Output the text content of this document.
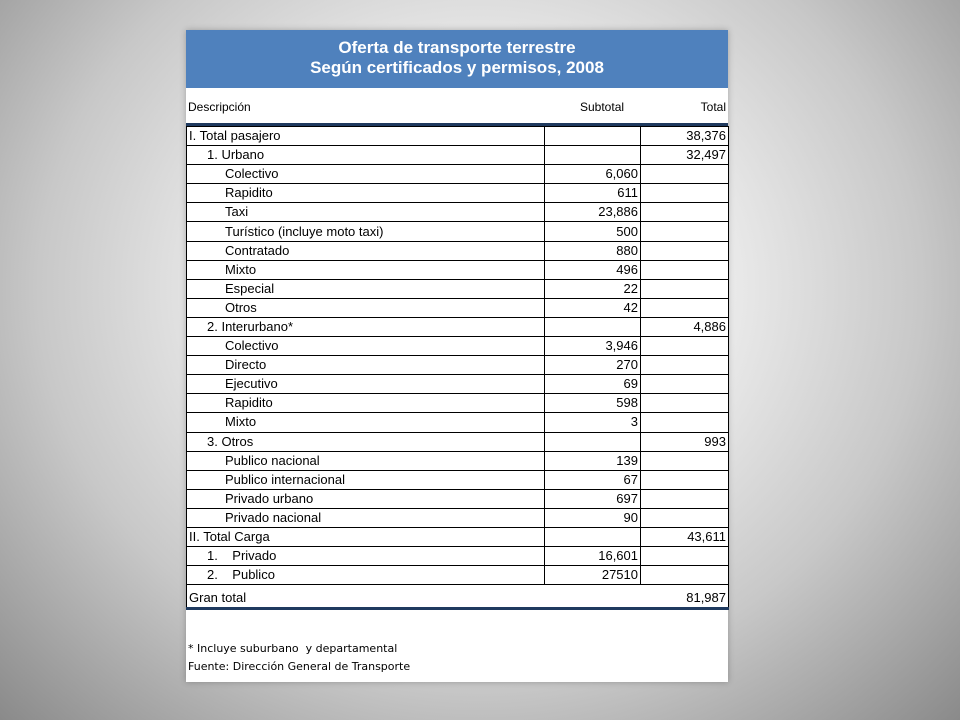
Oferta de transporte terrestre
Según certificados y permisos, 2008
Descripción	Subtotal	Total
I. Total pasajero		38,376
1. Urbano		32,497
Colectivo	6,060	
Rapidito	611	
Taxi	23,886	
Turístico (incluye moto taxi)	500	
Contratado	880	
Mixto	496	
Especial	22	
Otros	42	
2. Interurbano*		4,886
Colectivo	3,946	
Directo	270	
Ejecutivo	69	
Rapidito	598	
Mixto	3	
3. Otros		993
Publico nacional	139	
Publico internacional	67	
Privado urbano	697	
Privado nacional	90	
II. Total Carga		43,611
1.    Privado	16,601	
2.    Publico	27510	
Gran total		81,987
* Incluye suburbano  y departamental
Fuente: Dirección General de Transporte
